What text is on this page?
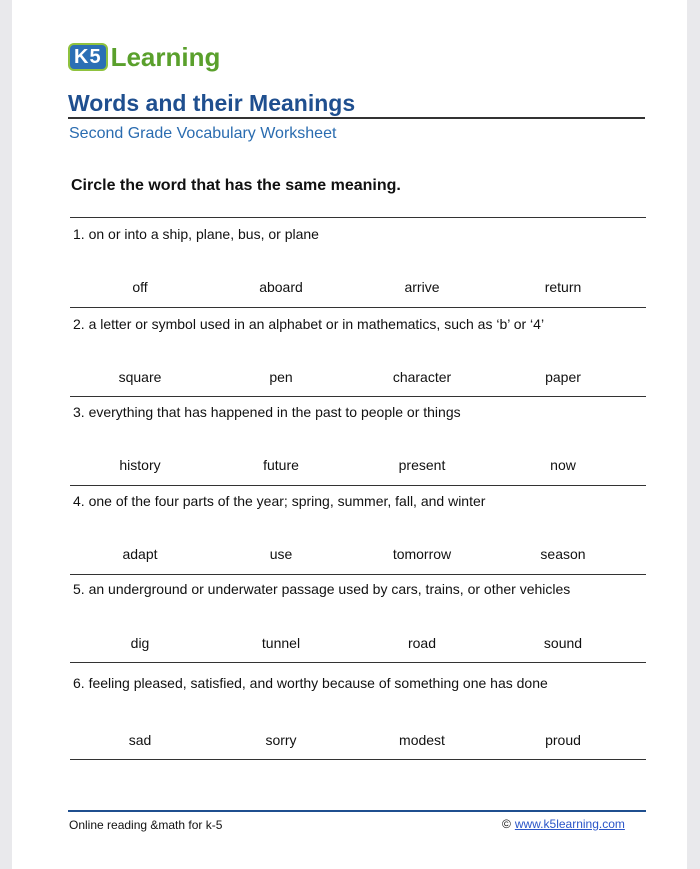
K5 Learning
Words and their Meanings
Second Grade Vocabulary Worksheet
Circle the word that has the same meaning.
1. on or into a ship, plane, bus, or plane
off	aboard	arrive	return
2. a letter or symbol used in an alphabet or in mathematics, such as ‘b’ or ‘4’
square	pen	character	paper
3. everything that has happened in the past to people or things
history	future	present	now
4. one of the four parts of the year; spring, summer, fall, and winter
adapt	use	tomorrow	season
5. an underground or underwater passage used by cars, trains, or other vehicles
dig	tunnel	road	sound
6. feeling pleased, satisfied, and worthy because of something one has done
sad	sorry	modest	proud
Online reading &math for k-5	© www.k5learning.com
